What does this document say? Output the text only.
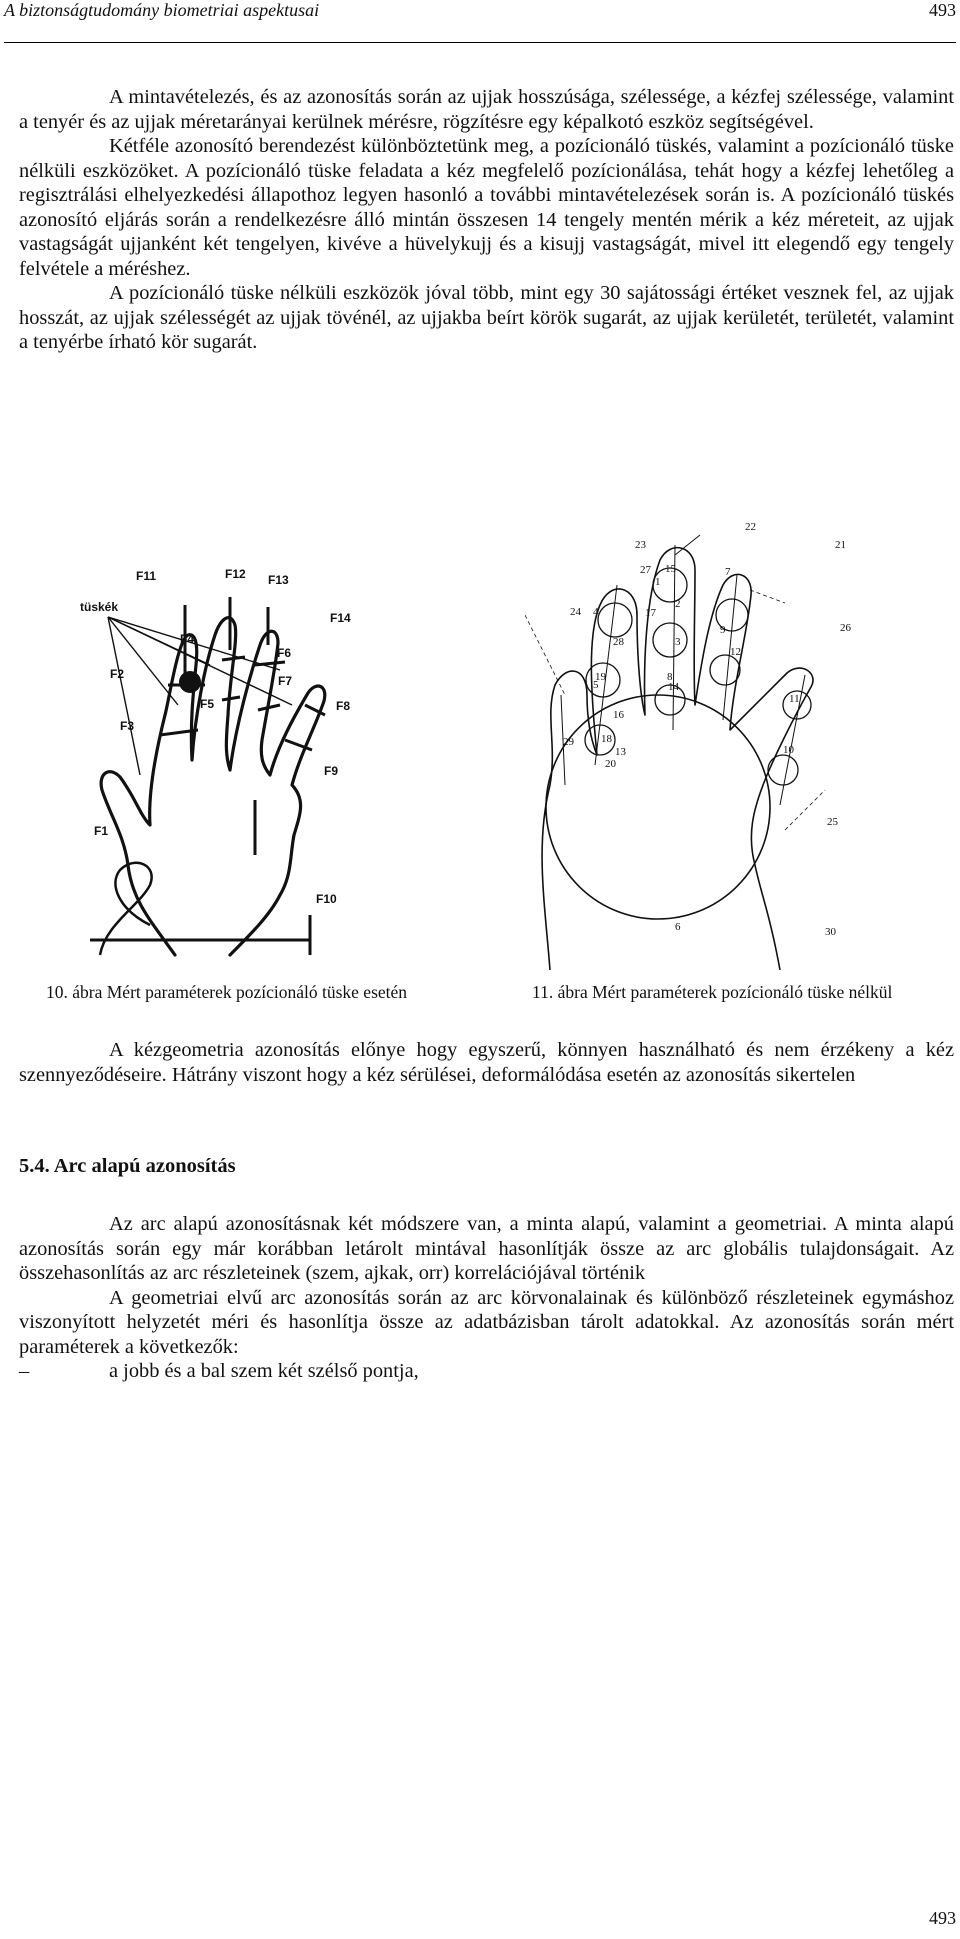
A biztonságtudomány biometriai aspektusai	493

A mintavételezés, és az azonosítás során az ujjak hosszúsága, szélessége, a kézfej szélessége, valamint a tenyér és az ujjak méretarányai kerülnek mérésre, rögzítésre egy képalkotó eszköz segítségével.

Kétféle azonosító berendezést különböztetünk meg, a pozícionáló tüskés, valamint a pozícionáló tüske nélküli eszközöket. A pozícionáló tüske feladata a kéz megfelelő pozícionálása, tehát hogy a kézfej lehetőleg a regisztrálási elhelyezkedési állapothoz legyen hasonló a további mintavételezések során is. A pozícionáló tüskés azonosító eljárás során a rendelkezésre álló mintán összesen 14 tengely mentén mérik a kéz méreteit, az ujjak vastagságát ujjanként két tengelyen, kivéve a hüvelykujj és a kisujj vastagságát, mivel itt elegendő egy tengely felvétele a méréshez.

A pozícionáló tüske nélküli eszközök jóval több, mint egy 30 sajátossági értéket vesznek fel, az ujjak hosszát, az ujjak szélességét az ujjak tövénél, az ujjakba beírt körök sugarát, az ujjak kerületét, területét, valamint a tenyérbe írható kör sugarát.

tüskék
F1
F2
F3
F4
F5
F6
F7
F8
F9
F10
F11	F12 F13
F14
1
2
3
4
5
6
7
8
9
10
11
12
13
14
15
16
17
18
19
20
21
22
23
24
25
26
27
28
29
30
10. ábra Mért paraméterek pozícionáló tüske esetén	11. ábra Mért paraméterek pozícionáló tüske nélkül

A kézgeometria azonosítás előnye hogy egyszerű, könnyen használható és nem érzékeny a kéz szennyeződéseire. Hátrány viszont hogy a kéz sérülései, deformálódása esetén az azonosítás sikertelen

5.4. Arc alapú azonosítás

Az arc alapú azonosításnak két módszere van, a minta alapú, valamint a geometriai. A minta alapú azonosítás során egy már korábban letárolt mintával hasonlítják össze az arc globális tulajdonságait. Az összehasonlítás az arc részleteinek (szem, ajkak, orr) korrelációjával történik

A geometriai elvű arc azonosítás során az arc körvonalainak és különböző részleteinek egymáshoz viszonyított helyzetét méri és hasonlítja össze az adatbázisban tárolt adatokkal. Az azonosítás során mért paraméterek a következők:

–	a jobb és a bal szem két szélső pontja,

493
